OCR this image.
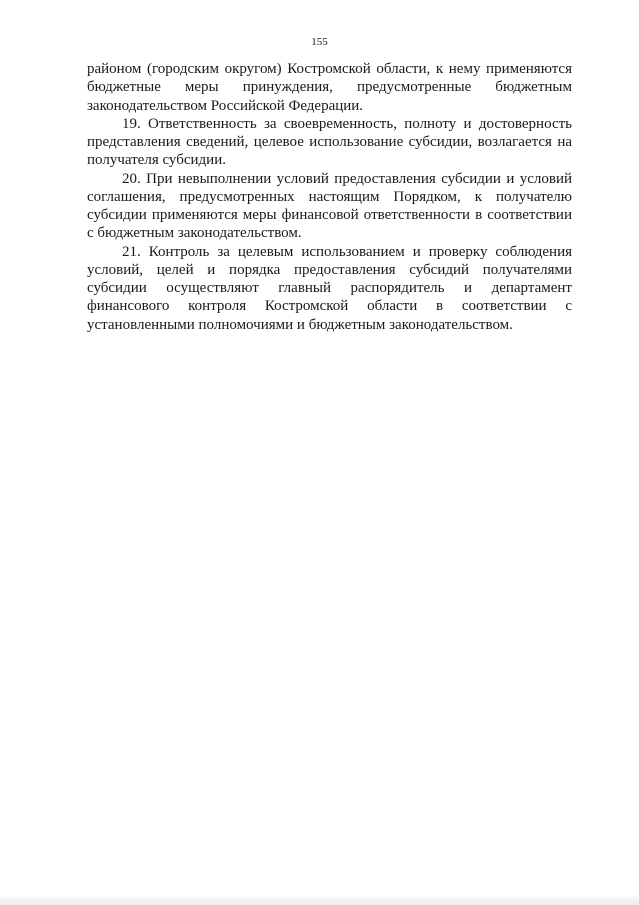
155

районом (городским округом) Костромской области, к нему применяются бюджетные меры принуждения, предусмотренные бюджетным законодательством Российской Федерации.

19. Ответственность за своевременность, полноту и достоверность представления сведений, целевое использование субсидии, возлагается на получателя субсидии.

20. При невыполнении условий предоставления субсидии и условий соглашения, предусмотренных настоящим Порядком, к получателю субсидии применяются меры финансовой ответственности в соответствии с бюджетным законодательством.

21. Контроль за целевым использованием и проверку соблюдения условий, целей и порядка предоставления субсидий получателями субсидии осуществляют главный распорядитель и департамент финансового контроля Костромской области в соответствии с установленными полномочиями и бюджетным законодательством.
